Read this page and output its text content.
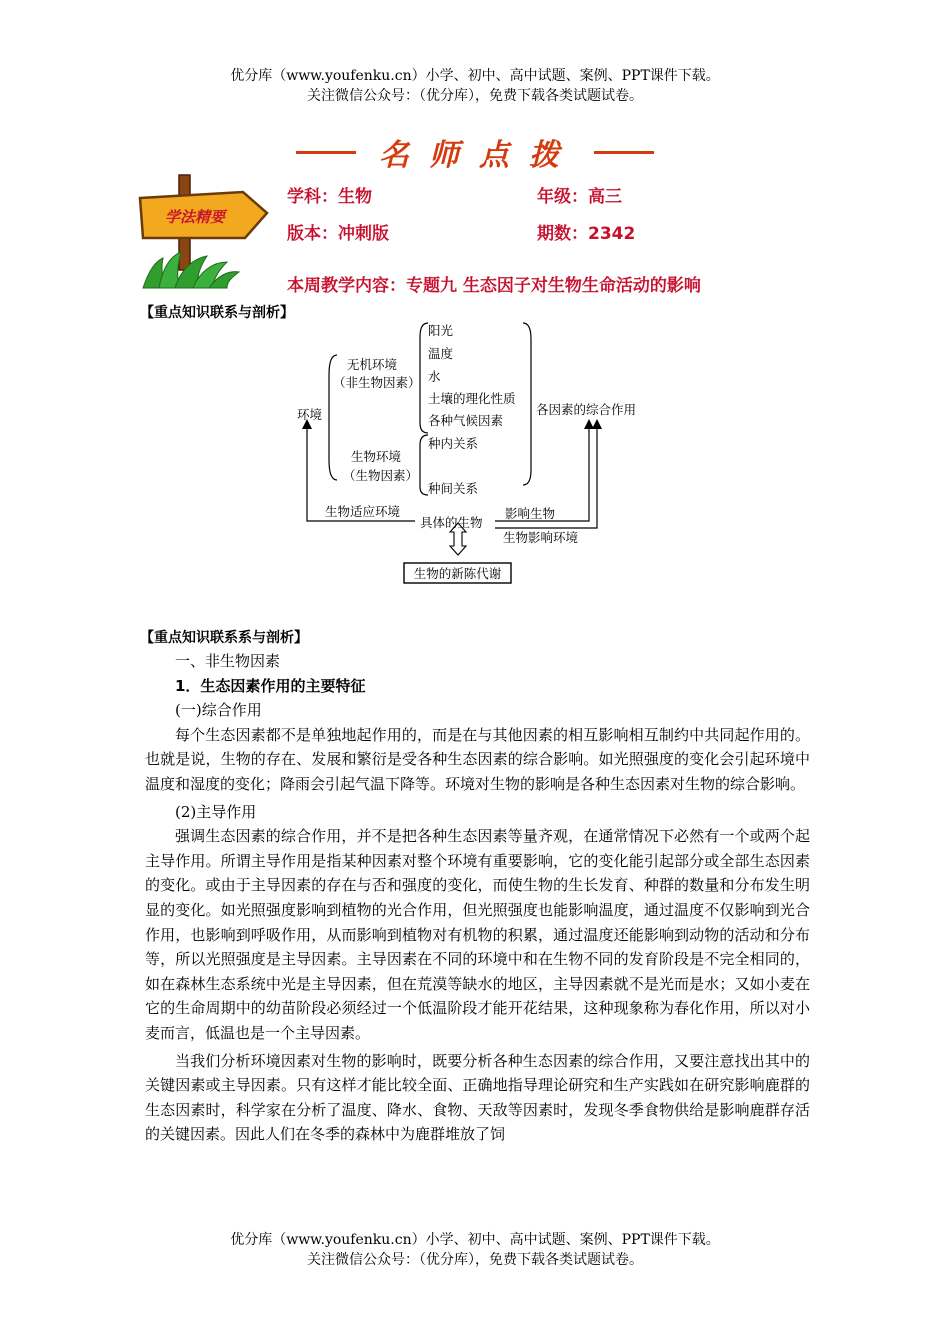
优分库（www.youfenku.cn）小学、初中、高中试题、案例、PPT课件下载。
关注微信公众号：（优分库），免费下载各类试题试卷。
名师点拨
学法精要
学科：生物	年级：高三
版本：冲刺版	期数：2342
本周教学内容：专题九 生态因子对生物生命活动的影响
【重点知识联系与剖析】
环境
无机环境
（非生物因素）
生物环境
（生物因素）
阳光
温度
水
土壤的理化性质
各种气候因素
种内关系
种间关系
各因素的综合作用
生物适应环境
具体的生物
影响生物
生物影响环境
生物的新陈代谢
【重点知识联系系与剖析】

一、非生物因素

1．生态因素作用的主要特征

(一)综合作用

每个生态因素都不是单独地起作用的，而是在与其他因素的相互影响相互制约中共同起作用的。也就是说，生物的存在、发展和繁衍是受各种生态因素的综合影响。如光照强度的变化会引起环境中温度和湿度的变化；降雨会引起气温下降等。环境对生物的影响是各种生态因素对生物的综合影响。

(2)主导作用

强调生态因素的综合作用，并不是把各种生态因素等量齐观，在通常情况下必然有一个或两个起主导作用。所谓主导作用是指某种因素对整个环境有重要影响，它的变化能引起部分或全部生态因素的变化。或由于主导因素的存在与否和强度的变化，而使生物的生长发育、种群的数量和分布发生明显的变化。如光照强度影响到植物的光合作用，但光照强度也能影响温度，通过温度不仅影响到光合作用，也影响到呼吸作用，从而影响到植物对有机物的积累，通过温度还能影响到动物的活动和分布等，所以光照强度是主导因素。主导因素在不同的环境中和在生物不同的发育阶段是不完全相同的，如在森林生态系统中光是主导因素，但在荒漠等缺水的地区，主导因素就不是光而是水；又如小麦在它的生命周期中的幼苗阶段必须经过一个低温阶段才能开花结果，这种现象称为春化作用，所以对小麦而言，低温也是一个主导因素。

当我们分析环境因素对生物的影响时，既要分析各种生态因素的综合作用，又要注意找出其中的关键因素或主导因素。只有这样才能比较全面、正确地指导理论研究和生产实践如在研究影响鹿群的生态因素时，科学家在分析了温度、降水、食物、天敌等因素时，发现冬季食物供给是影响鹿群存活的关键因素。因此人们在冬季的森林中为鹿群堆放了饲

优分库（www.youfenku.cn）小学、初中、高中试题、案例、PPT课件下载。
关注微信公众号：（优分库），免费下载各类试题试卷。
